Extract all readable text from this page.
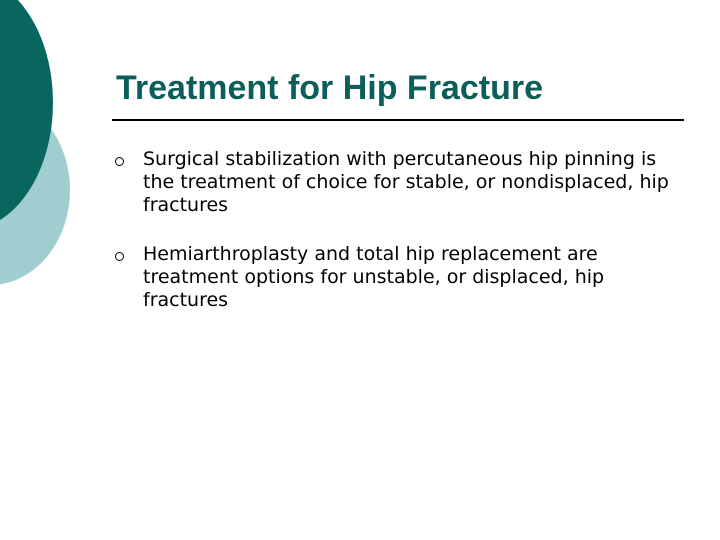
Treatment for Hip Fracture
Surgical stabilization with percutaneous hip pinning is the treatment of choice for stable, or nondisplaced, hip fractures
Hemiarthroplasty and total hip replacement are treatment options for unstable, or displaced, hip fractures
